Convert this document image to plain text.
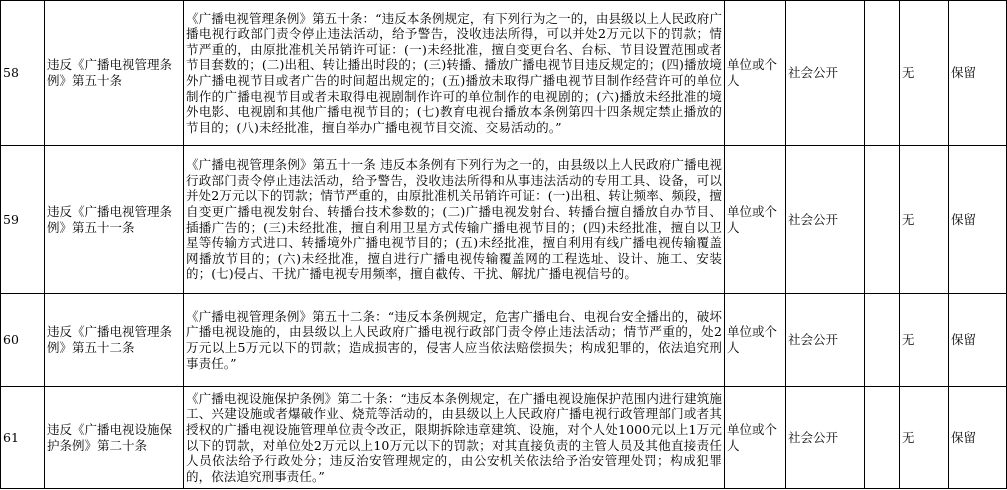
58	违反《广播电视管理条例》第五十条	《广播电视管理条例》第五十条：“违反本条例规定，有下列行为之一的，由县级以上人民政府广播电视行政部门责令停止违法活动，给予警告，没收违法所得，可以并处2万元以下的罚款；情节严重的，由原批准机关吊销许可证：(一)未经批准，擅自变更台名、台标、节目设置范围或者节目套数的；(二)出租、转让播出时段的；(三)转播、播放广播电视节目违反规定的；(四)播放境外广播电视节目或者广告的时间超出规定的；(五)播放未取得广播电视节目制作经营许可的单位制作的广播电视节目或者未取得电视剧制作许可的单位制作的电视剧的；(六)播放未经批准的境外电影、电视剧和其他广播电视节目的；(七)教育电视台播放本条例第四十四条规定禁止播放的节目的；(八)未经批准，擅自举办广播电视节目交流、交易活动的。”	单位或个人	社会公开		无	保留
59	违反《广播电视管理条例》第五十一条	《广播电视管理条例》第五十一条 违反本条例有下列行为之一的，由县级以上人民政府广播电视行政部门责令停止违法活动，给予警告，没收违法所得和从事违法活动的专用工具、设备，可以并处2万元以下的罚款；情节严重的，由原批准机关吊销许可证：(一)出租、转让频率、频段，擅自变更广播电视发射台、转播台技术参数的；(二)广播电视发射台、转播台擅自播放自办节目、插播广告的；(三)未经批准，擅自利用卫星方式传输广播电视节目的；(四)未经批准，擅自以卫星等传输方式进口、转播境外广播电视节目的；(五)未经批准，擅自利用有线广播电视传输覆盖网播放节目的；(六)未经批准，擅自进行广播电视传输覆盖网的工程选址、设计、施工、安装的；(七)侵占、干扰广播电视专用频率，擅自截传、干扰、解扰广播电视信号的。	单位或个人	社会公开		无	保留
60	违反《广播电视管理条例》第五十二条	《广播电视管理条例》第五十二条：“违反本条例规定，危害广播电台、电视台安全播出的，破坏广播电视设施的，由县级以上人民政府广播电视行政部门责令停止违法活动；情节严重的，处2万元以上5万元以下的罚款；造成损害的，侵害人应当依法赔偿损失；构成犯罪的，依法追究刑事责任。”	单位或个人	社会公开		无	保留
61	违反《广播电视设施保护条例》第二十条	《广播电视设施保护条例》第二十条：“违反本条例规定，在广播电视设施保护范围内进行建筑施工、兴建设施或者爆破作业、烧荒等活动的，由县级以上人民政府广播电视行政管理部门或者其授权的广播电视设施管理单位责令改正，限期拆除违章建筑、设施，对个人处1000元以上1万元以下的罚款，对单位处2万元以上10万元以下的罚款；对其直接负责的主管人员及其他直接责任人员依法给予行政处分；违反治安管理规定的，由公安机关依法给予治安管理处罚；构成犯罪的，依法追究刑事责任。”	单位或个人	社会公开		无	保留
